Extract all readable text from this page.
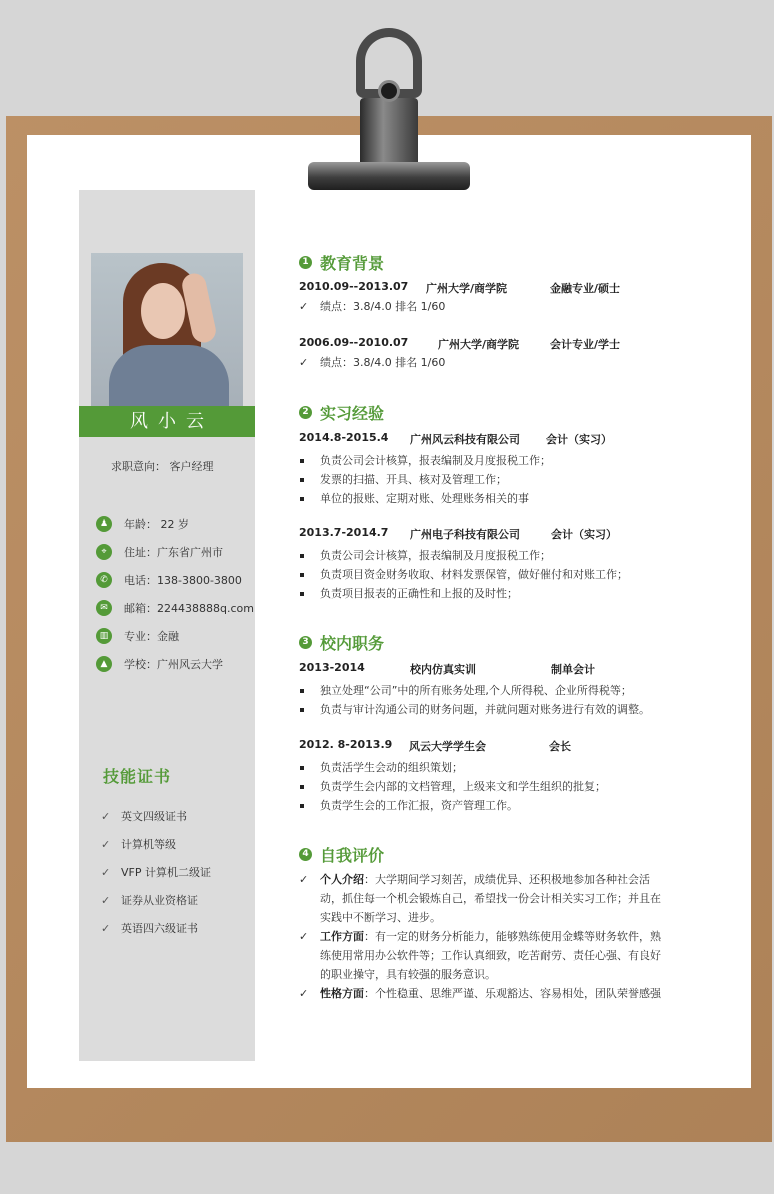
风小云
求职意向： 客户经理
♟	年龄： 22 岁
⌖	住址：广东省广州市
✆	电话：138-3800-3800
✉	邮箱：224438888q.com
▥	专业：金融
▲	学校：广州风云大学
技能证书
✓ 英文四级证书
✓ 计算机等级
✓ VFP 计算机二级证
✓ 证券从业资格证
✓ 英语四六级证书
1 教育背景
2010.09--2013.07 广州大学/商学院	金融专业/硕士
✓ 绩点：3.8/4.0 排名 1/60
2006.09--2010.07	广州大学/商学院	会计专业/学士
✓ 绩点：3.8/4.0 排名 1/60
2 实习经验
2014.8-2015.4 广州风云科技有限公司 会计（实习）
负责公司会计核算，报表编制及月度报税工作；
发票的扫描、开具、核对及管理工作；
单位的报账、定期对账、处理账务相关的事
2013.7-2014.7 广州电子科技有限公司	会计（实习）
负责公司会计核算，报表编制及月度报税工作；
负责项目资金财务收取、材料发票保管，做好催付和对账工作；
负责项目报表的正确性和上报的及时性；
3 校内职务
2013-2014	校内仿真实训	制单会计
独立处理“公司”中的所有账务处理,个人所得税、企业所得税等；
负责与审计沟通公司的财务问题，并就问题对账务进行有效的调整。
2012. 8-2013.9 风云大学学生会	会长
负责活学生会动的组织策划；
负责学生会内部的文档管理，上级来文和学生组织的批复；
负责学生会的工作汇报，资产管理工作。
4 自我评价
✓ 个人介绍：大学期间学习刻苦，成绩优异、还积极地参加各种社会活动，抓住每一个机会锻炼自己，希望找一份会计相关实习工作；并且在实践中不断学习、进步。
✓ 工作方面：有一定的财务分析能力，能够熟练使用金蝶等财务软件，熟练使用常用办公软件等；工作认真细致，吃苦耐劳、责任心强、有良好的职业操守，具有较强的服务意识。
✓ 性格方面：个性稳重、思维严谨、乐观豁达、容易相处，团队荣誉感强
